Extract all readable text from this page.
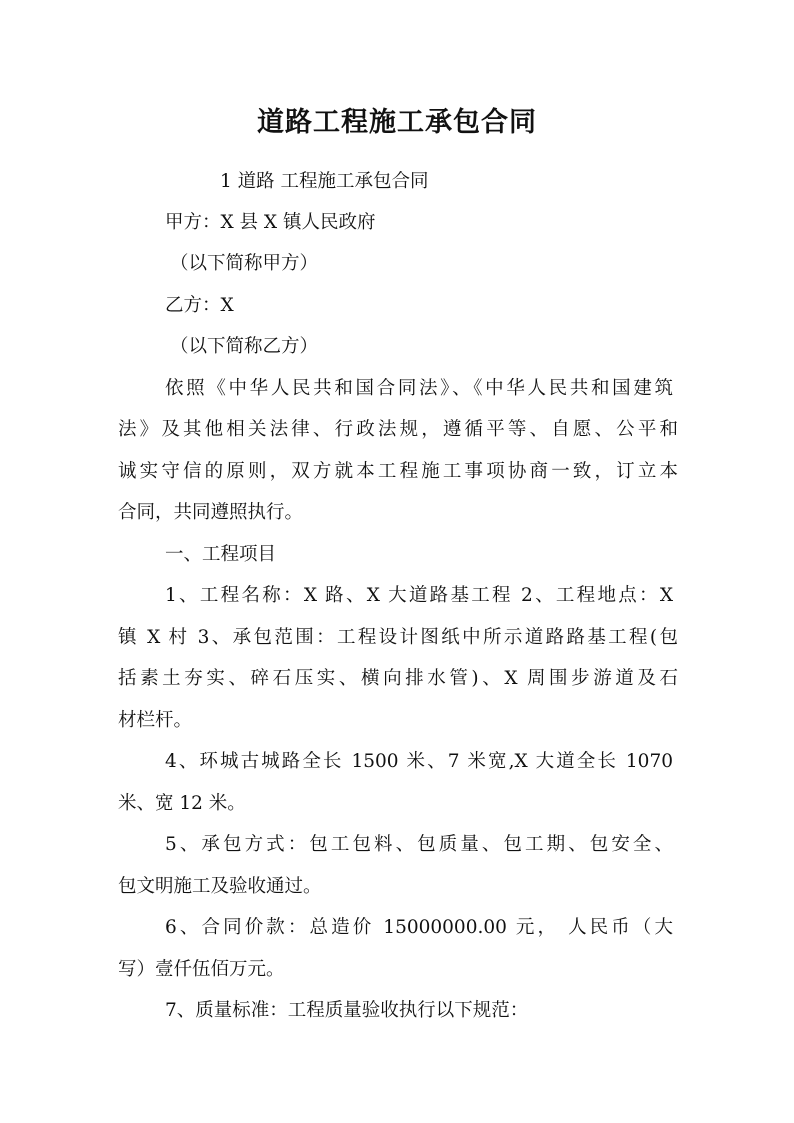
道路工程施工承包合同

1 道路 工程施工承包合同

甲方：X 县 X 镇人民政府

（以下简称甲方）

乙方：X

（以下简称乙方）

依照《中华人民共和国合同法》、《中华人民共和国建筑

法》及其他相关法律、行政法规，遵循平等、自愿、公平和

诚实守信的原则，双方就本工程施工事项协商一致，订立本

合同，共同遵照执行。

一、工程项目

1、工程名称：X 路、X 大道路基工程 2、工程地点：X

镇 X 村 3、承包范围：工程设计图纸中所示道路路基工程(包

括素土夯实、碎石压实、横向排水管)、X 周围步游道及石

材栏杆。

4、环城古城路全长 1500 米、7 米宽,X 大道全长 1070

米、宽 12 米。

5、承包方式：包工包料、包质量、包工期、包安全、

包文明施工及验收通过。

6、合同价款：总造价 15000000.00 元， 人民币（大

写）壹仟伍佰万元。

7、质量标准：工程质量验收执行以下规范：
